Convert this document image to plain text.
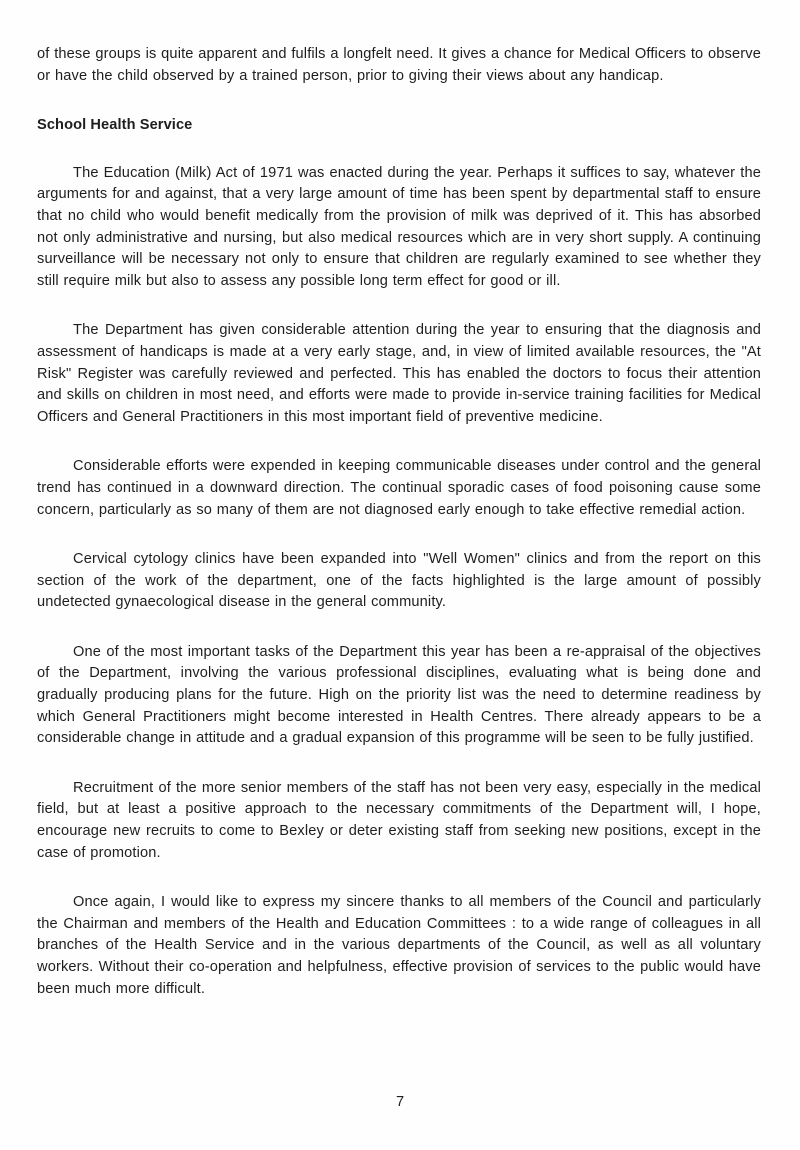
of these groups is quite apparent and fulfils a longfelt need. It gives a chance for Medical Officers to observe or have the child observed by a trained person, prior to giving their views about any handicap.

School Health Service

The Education (Milk) Act of 1971 was enacted during the year. Perhaps it suffices to say, whatever the arguments for and against, that a very large amount of time has been spent by departmental staff to ensure that no child who would benefit medically from the provision of milk was deprived of it. This has absorbed not only administrative and nursing, but also medical resources which are in very short supply. A continuing surveillance will be necessary not only to ensure that children are regularly examined to see whether they still require milk but also to assess any possible long term effect for good or ill.

The Department has given considerable attention during the year to ensuring that the diagnosis and assessment of handicaps is made at a very early stage, and, in view of limited available resources, the "At Risk" Register was carefully reviewed and perfected. This has enabled the doctors to focus their attention and skills on children in most need, and efforts were made to provide in-service training facilities for Medical Officers and General Practitioners in this most important field of preventive medicine.

Considerable efforts were expended in keeping communicable diseases under control and the general trend has continued in a downward direction. The continual sporadic cases of food poisoning cause some concern, particularly as so many of them are not diagnosed early enough to take effective remedial action.

Cervical cytology clinics have been expanded into "Well Women" clinics and from the report on this section of the work of the department, one of the facts highlighted is the large amount of possibly undetected gynaecological disease in the general community.

One of the most important tasks of the Department this year has been a re-appraisal of the objectives of the Department, involving the various professional disciplines, evaluating what is being done and gradually producing plans for the future. High on the priority list was the need to determine readiness by which General Practitioners might become interested in Health Centres. There already appears to be a considerable change in attitude and a gradual expansion of this programme will be seen to be fully justified.

Recruitment of the more senior members of the staff has not been very easy, especially in the medical field, but at least a positive approach to the necessary commitments of the Department will, I hope, encourage new recruits to come to Bexley or deter existing staff from seeking new positions, except in the case of promotion.

Once again, I would like to express my sincere thanks to all members of the Council and particularly the Chairman and members of the Health and Education Committees : to a wide range of colleagues in all branches of the Health Service and in the various departments of the Council, as well as all voluntary workers. Without their co-operation and helpfulness, effective provision of services to the public would have been much more difficult.

7
